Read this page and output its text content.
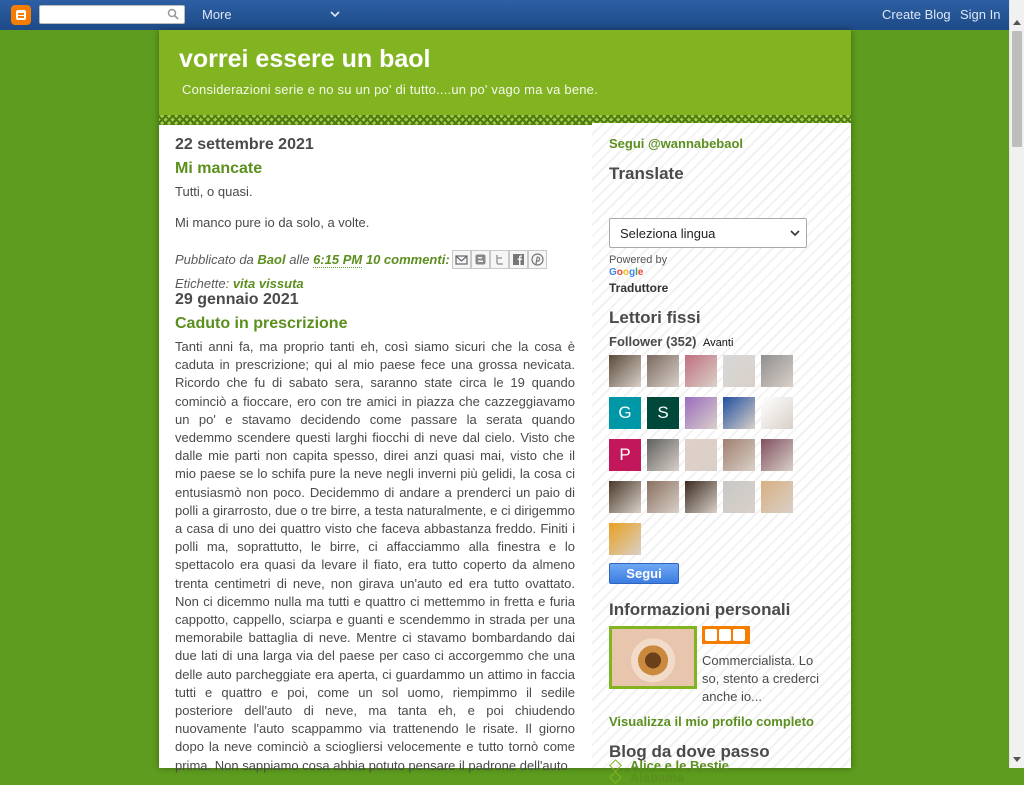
More	Create Blog Sign In
vorrei essere un baol
Considerazioni serie e no su un po' di tutto....un po' vago ma va bene.
22 settembre 2021
Mi mancate
Tutti, o quasi.
Mi manco pure io da solo, a volte.
Pubblicato da
Baol
alle
6:15 PM
10 commenti:
Etichette:
vita vissuta
29 gennaio 2021
Caduto in prescrizione
Tanti anni fa, ma proprio tanti eh, così siamo sicuri che la cosa è caduta in prescrizione; qui al mio paese fece una grossa nevicata. Ricordo che fu di sabato sera, saranno state circa le 19 quando cominciò a fioccare, ero con tre amici in piazza che cazzeggiavamo un po' e stavamo decidendo come passare la serata quando vedemmo scendere questi larghi fiocchi di neve dal cielo. Visto che dalle mie parti non capita spesso, direi anzi quasi mai, visto che il mio paese se lo schifa pure la neve negli inverni più gelidi, la cosa ci entusiasmò non poco. Decidemmo di andare a prenderci un paio di polli a girarrosto, due o tre birre, a testa naturalmente, e ci dirigemmo a casa di uno dei quattro visto che faceva abbastanza freddo. Finiti i polli ma, soprattutto, le birre, ci affacciammo alla finestra e lo spettacolo era quasi da levare il fiato, era tutto coperto da almeno trenta centimetri di neve, non girava un'auto ed era tutto ovattato. Non ci dicemmo nulla ma tutti e quattro ci mettemmo in fretta e furia cappotto, cappello, sciarpa e guanti e scendemmo in strada per una memorabile battaglia di neve. Mentre ci stavamo bombardando dai due lati di una larga via del paese per caso ci accorgemmo che una delle auto parcheggiate era aperta, ci guardammo un attimo in faccia tutti e quattro e poi, come un sol uomo, riempimmo il sedile posteriore dell'auto di neve, ma tanta eh, e poi chiudendo nuovamente l'auto scappammo via trattenendo le risate. Il giorno dopo la neve cominciò a sciogliersi velocemente e tutto tornò come prima. Non sappiamo cosa abbia potuto pensare il padrone dell'auto
Segui @wannabebaol
Translate
Seleziona lingua
Powered by
Google
Traduttore
Lettori fissi
Follower (352) Avanti
G	S
P
Segui
Informazioni personali
Commercialista. Lo so, stento a crederci anche io...
Visualizza il mio profilo completo
Blog da dove passo
Alabama
Alice e le Bestie
